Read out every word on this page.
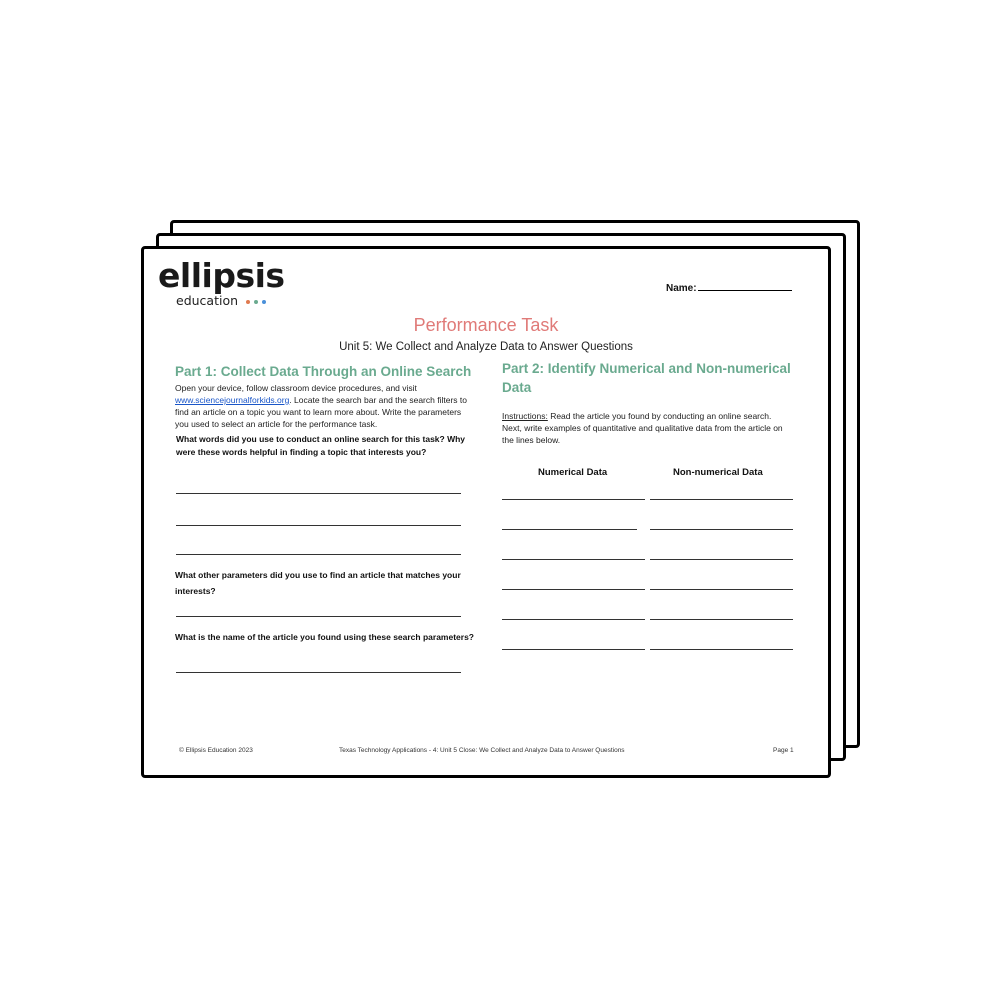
ellipsis
education
Name:
Performance Task
Unit 5: We Collect and Analyze Data to Answer Questions
Part 1: Collect Data Through an Online Search
Open your device, follow classroom device procedures, and visit www.sciencejournalforkids.org. Locate the search bar and the search filters to find an article on a topic you want to learn more about. Write the parameters you used to select an article for the performance task.
What words did you use to conduct an online search for this task? Why were these words helpful in finding a topic that interests you?
What other parameters did you use to find an article that matches your interests?
What is the name of the article you found using these search parameters?
Part 2: Identify Numerical and Non-numerical Data
Instructions: Read the article you found by conducting an online search. Next, write examples of quantitative and qualitative data from the article on the lines below.
Numerical Data	Non-numerical Data
© Ellipsis Education 2023	Texas Technology Applications - 4: Unit 5 Close: We Collect and Analyze Data to Answer Questions	Page 1
